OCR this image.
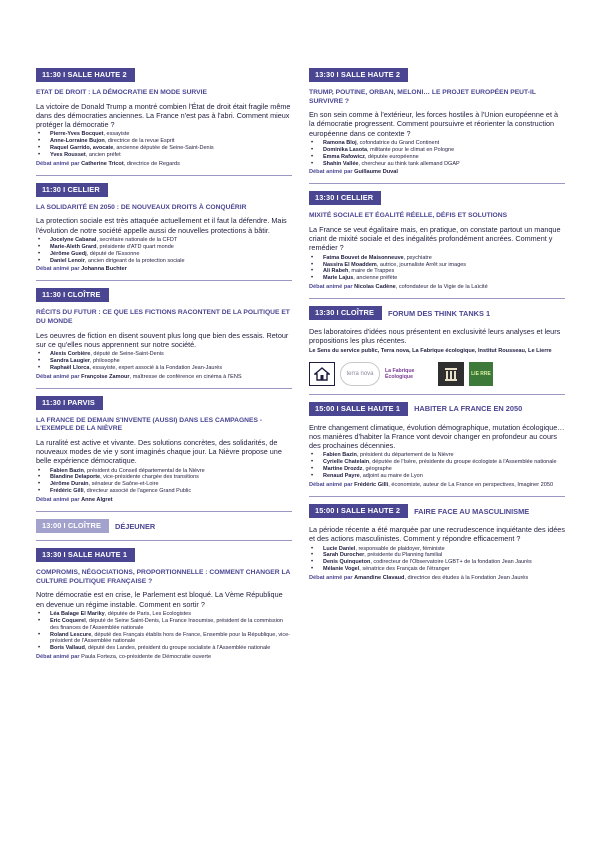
11:30 I SALLE HAUTE 2
ETAT DE DROIT : LA DÉMOCRATIE EN MODE SURVIE
La victoire de Donald Trump a montré combien l'État de droit était fragile même dans des démocraties anciennes. La France n'est pas à l'abri. Comment mieux protéger la démocratie ?
• Pierre-Yves Bocquet, essayiste
• Anne-Lorraine Bujon, directrice de la revue Esprit
• Raquel Garrido, avocate, ancienne députée de Seine-Saint-Denis
• Yves Rousset, ancien préfet
Débat animé par Catherine Tricot, directrice de Regards
11:30 I CELLIER
LA SOLIDARITÉ EN 2050 : DE NOUVEAUX DROITS À CONQUÉRIR
La protection sociale est très attaquée actuellement et il faut la défendre. Mais l'évolution de notre société appelle aussi de nouvelles protections à bâtir.
• Jocelyne Cabanal, secrétaire nationale de la CFDT
• Marie-Aleth Grard, présidente d'ATD quart monde
• Jérôme Guedj, député de l'Essonne
• Daniel Lenoir, ancien dirigeant de la protection sociale
Débat animé par Johanna Buchter
11:30 I CLOÎTRE
RÉCITS DU FUTUR : CE QUE LES FICTIONS RACONTENT DE LA POLITIQUE ET DU MONDE
Les oeuvres de fiction en disent souvent plus long que bien des essais. Retour sur ce qu'elles nous apprennent sur notre société.
• Alexis Corbière, député de Seine-Saint-Denis
• Sandra Laugier, philosophe
• Raphaël Llorca, essayiste, expert associé à la Fondation Jean-Jaurès
Débat animé par Françoise Zamour, maîtresse de conférence en cinéma à l'ENS
11:30 I PARVIS
LA FRANCE DE DEMAIN S'INVENTE (AUSSI) DANS LES CAMPAGNES - L'EXEMPLE DE LA NIÈVRE
La ruralité est active et vivante. Des solutions concrètes, des solidarités, de nouveaux modes de vie y sont imaginés chaque jour. La Nièvre propose une belle expérience démocratique.
• Fabien Bazin, président du Conseil départemental de la Nièvre
• Blandine Delaporte, vice-présidente chargée des transitions
• Jérôme Durain, sénateur de Saône-et-Loire
• Frédéric Gilli, directeur associé de l'agence Grand Public
Débat animé par Anne Algret
13:00 I CLOÎTRE	DÉJEUNER
13:30 I SALLE HAUTE 1
COMPROMIS, NÉGOCIATIONS, PROPORTIONNELLE : COMMENT CHANGER LA CULTURE POLITIQUE FRANÇAISE ?
Notre démocratie est en crise, le Parlement est bloqué. La Vème République en devenue un régime instable. Comment en sortir ?
• Léa Balage El Mariky, députée de Paris, Les Ecologistes
• Eric Coquerel, député de Seine Saint-Denis, La France Insoumise, président de la commission des finances de l'Assemblée nationale
• Roland Lescure, député des Français établis hors de France, Ensemble pour la République, vice-président de l'Assemblée nationale
• Boris Vallaud, député des Landes, président du groupe socialiste à l'Assemblée nationale
Débat animé par Paula Forteza, co-présidente de Démocratie ouverte
13:30 I SALLE HAUTE 2
TRUMP, POUTINE, ORBAN, MELONI… LE PROJET EUROPÉEN PEUT-IL SURVIVRE ?
En son sein comme à l'extérieur, les forces hostiles à l'Union européenne et à la démocratie progressent. Comment poursuivre et réorienter la construction européenne dans ce contexte ?
• Ramona Bloj, cofondatrice du Grand Continent
• Dominika Lasota, militante pour le climat en Pologne
• Emma Rafowicz, députée européenne
• Shahin Vallée, chercheur au think tank allemand DGAP
Débat animé par Guillaume Duval
13:30 I CELLIER
MIXITÉ SOCIALE ET ÉGALITÉ RÉELLE, DÉFIS ET SOLUTIONS
La France se veut égalitaire mais, en pratique, on constate partout un manque criant de mixité sociale et des inégalités profondément ancrées. Comment y remédier ?
• Fatma Bouvet de Maisonneuve, psychiatre
• Nassira El Moaddem, autrice, journaliste Arrêt sur images
• Ali Rabeh, maire de Trappes
• Marie Lajus, ancienne préfète
Débat animé par Nicolas Cadène, cofondateur de la Vigie de la Laïcité
13:30 I CLOÎTRE	FORUM DES THINK TANKS 1
Des laboratoires d'idées nous présentent en exclusivité leurs analyses et leurs propositions les plus récentes.
Le Sens du service public, Terra nova, La Fabrique écologique, Institut Rousseau, Le Lierre
terra nova	La Fabrique Écologique	LIE RRE
15:00 I SALLE HAUTE 1	HABITER LA FRANCE EN 2050
Entre changement climatique, évolution démographique, mutation écologique… nos manières d'habiter la France vont devoir changer en profondeur au cours des prochaines décennies.
• Fabien Bazin, président du département de la Nièvre
• Cyrielle Chatelain, députée de l'Isère, présidente du groupe écologiste à l'Assemblée nationale
• Martine Drozdz, géographe
• Renaud Payre, adjoint au maire de Lyon
Débat animé par Frédéric Gilli, économiste, auteur de La France en perspectives, Imaginer 2050
15:00 I SALLE HAUTE 2	FAIRE FACE AU MASCULINISME
La période récente a été marquée par une recrudescence inquiétante des idées et des actions masculinistes. Comment y répondre efficacement ?
• Lucie Daniel, responsable de plaidoyer, féministe
• Sarah Durocher, présidente du Planning familial
• Denis Quinqueton, codirecteur de l'Observatoire LGBT+ de la fondation Jean Jaurès
• Mélanie Vogel, sénatrice des Français de l'étranger
Débat animé par Amandine Clavaud, directrice des études à la Fondation Jean Jaurès
